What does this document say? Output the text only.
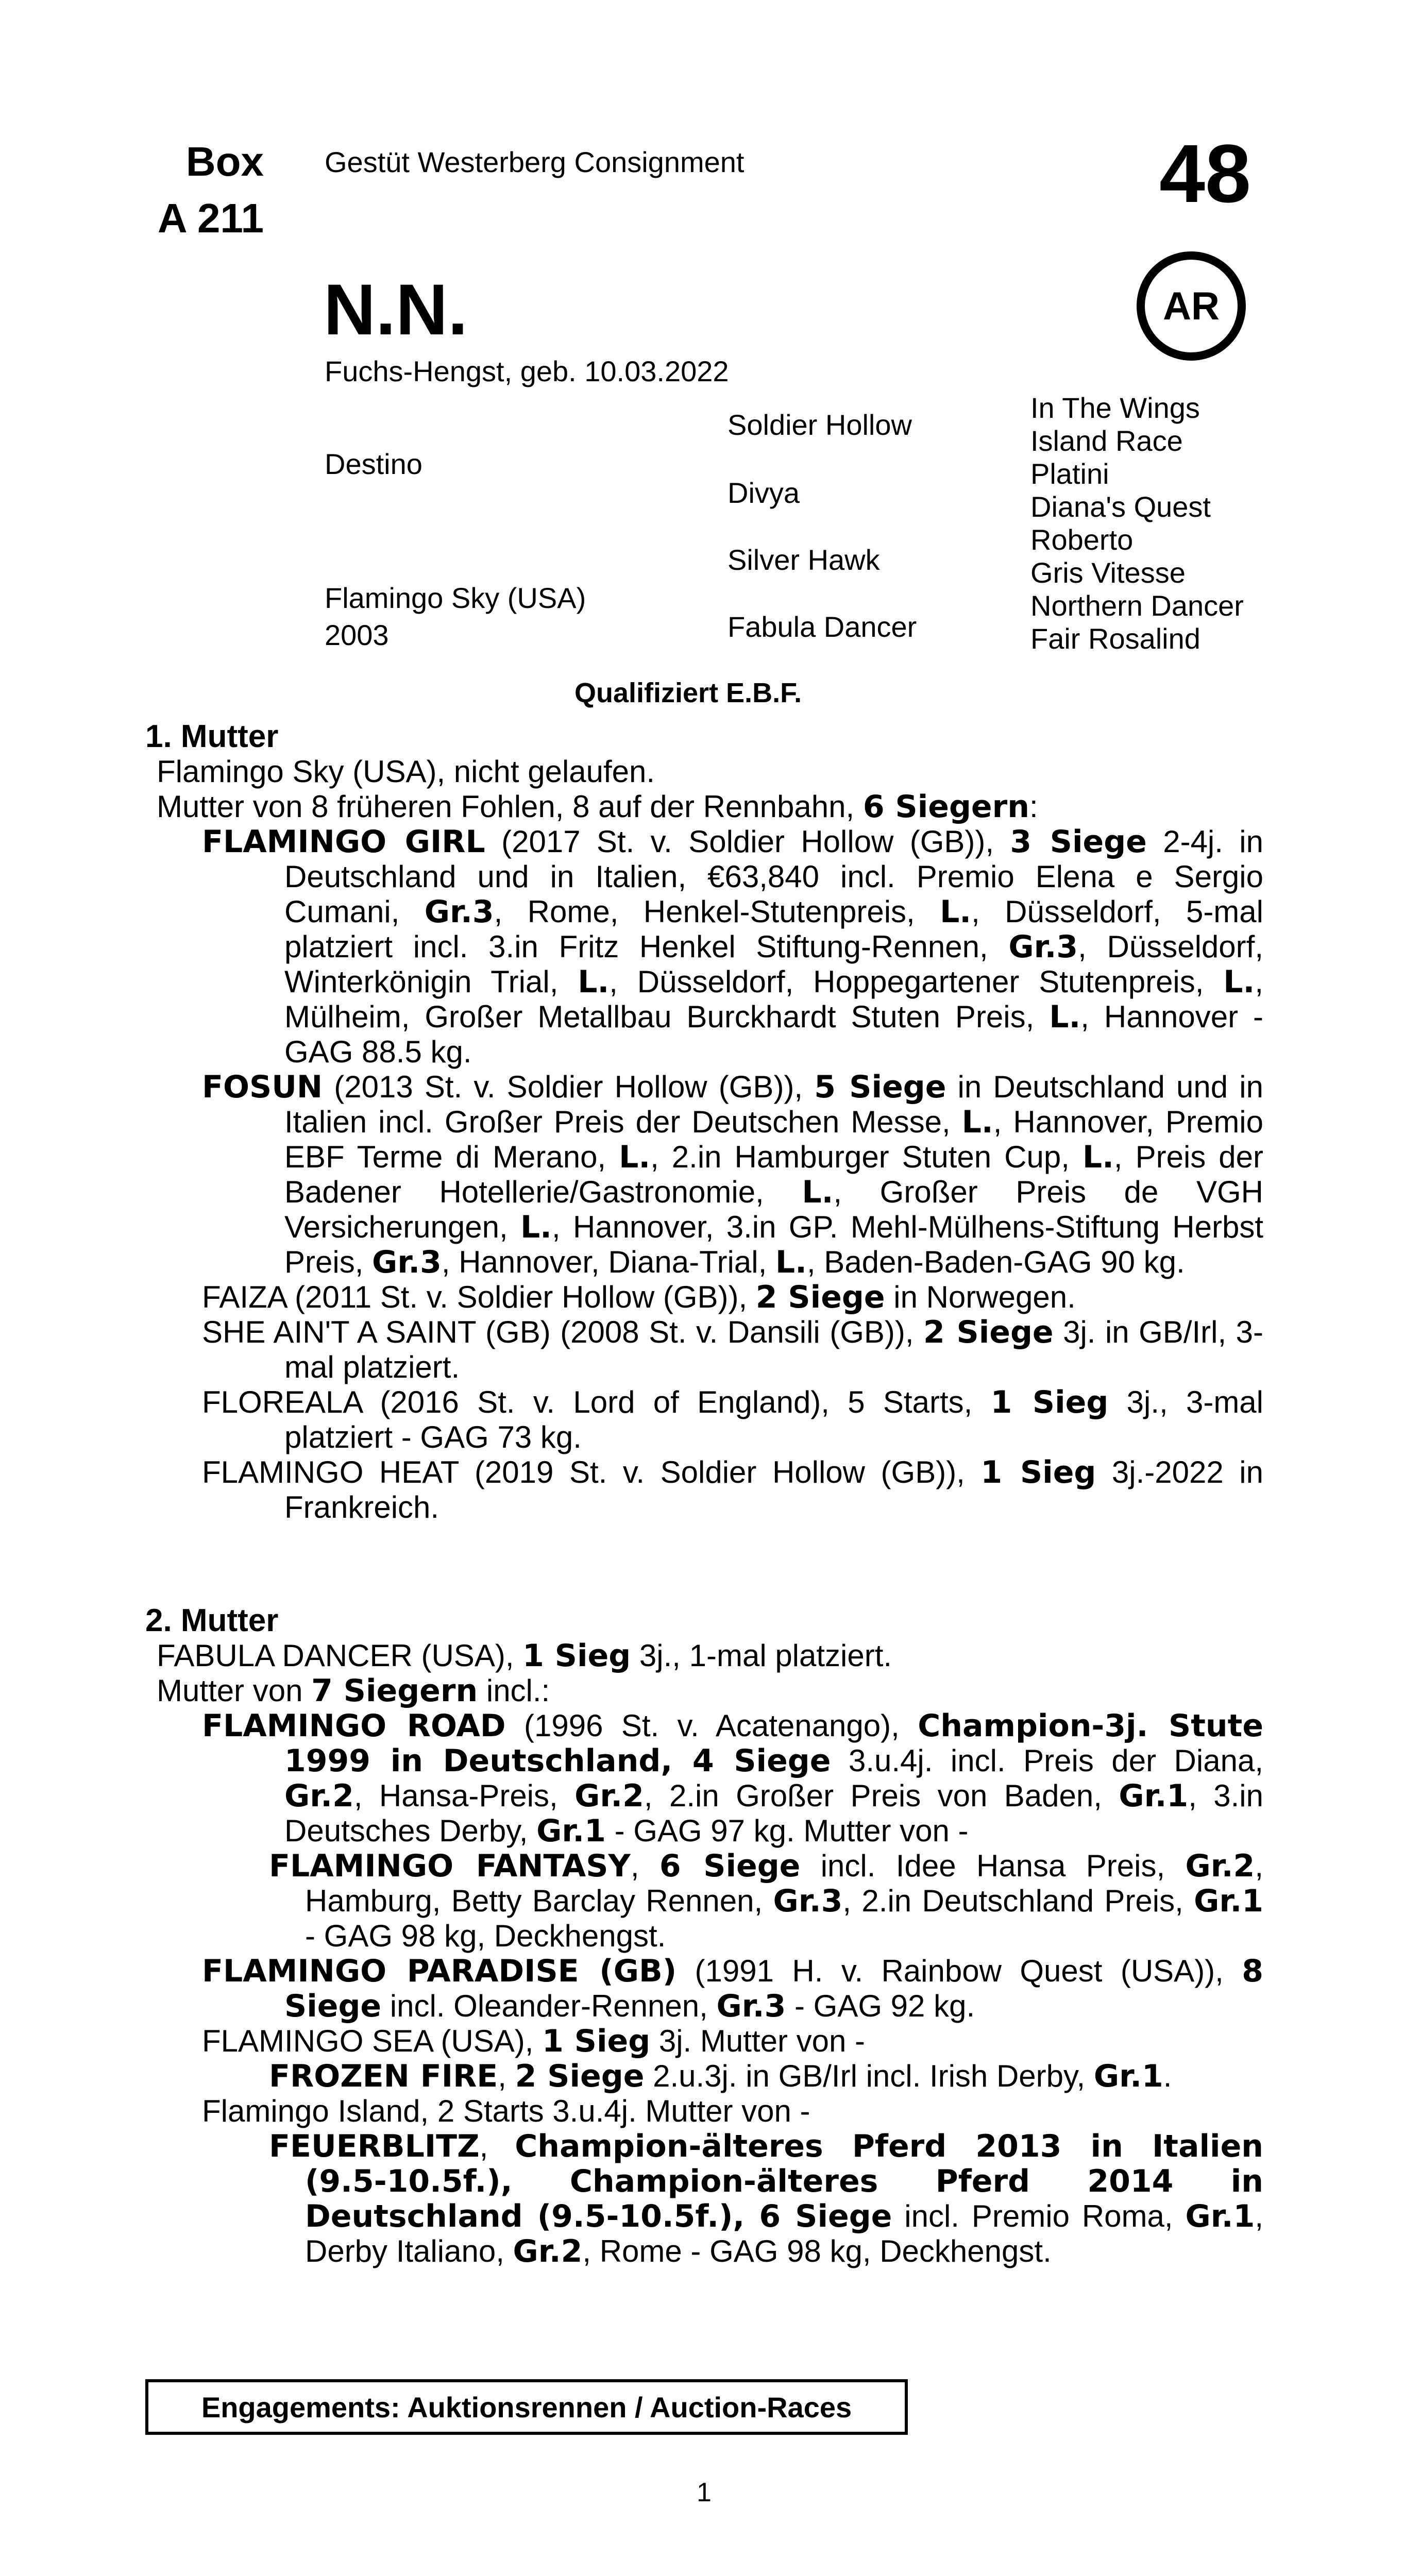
Box
A 211
Gestüt Westerberg Consignment	48
AR
N.N.
Fuchs-Hengst, geb. 10.03.2022
Destino
Flamingo Sky (USA)
2003
Soldier Hollow
Divya
Silver Hawk
Fabula Dancer
In The Wings
Island Race
Platini
Diana's Quest
Roberto
Gris Vitesse
Northern Dancer
Fair Rosalind
Qualifiziert E.B.F.
1. Mutter
Flamingo Sky (USA), nicht gelaufen.
Mutter von 8 früheren Fohlen, 8 auf der Rennbahn, 6 Siegern:
FLAMINGO GIRL (2017 St. v. Soldier Hollow (GB)), 3 Siege 2-4j. in Deutschland und in Italien, €63,840 incl. Premio Elena e Sergio Cumani, Gr.3, Rome, Henkel-Stutenpreis, L., Düsseldorf, 5-mal platziert incl. 3.in Fritz Henkel Stiftung-Rennen, Gr.3, Düsseldorf, Winterkönigin Trial, L., Düsseldorf, Hoppegartener Stutenpreis, L., Mülheim, Großer Metallbau Burckhardt Stuten Preis, L., Hannover - GAG 88.5 kg.
FOSUN (2013 St. v. Soldier Hollow (GB)), 5 Siege in Deutschland und in Italien incl. Großer Preis der Deutschen Messe, L., Hannover, Premio EBF Terme di Merano, L., 2.in Hamburger Stuten Cup, L., Preis der Badener Hotellerie/Gastronomie, L., Großer Preis de VGH Versicherungen, L., Hannover, 3.in GP. Mehl-Mülhens-Stiftung Herbst Preis, Gr.3, Hannover, Diana-Trial, L., Baden-Baden-GAG 90 kg.
FAIZA (2011 St. v. Soldier Hollow (GB)), 2 Siege in Norwegen.
SHE AIN'T A SAINT (GB) (2008 St. v. Dansili (GB)), 2 Siege 3j. in GB/Irl, 3-mal platziert.
FLOREALA (2016 St. v. Lord of England), 5 Starts, 1 Sieg 3j., 3-mal platziert - GAG 73 kg.
FLAMINGO HEAT (2019 St. v. Soldier Hollow (GB)), 1 Sieg 3j.-2022 in Frankreich.
2. Mutter
FABULA DANCER (USA), 1 Sieg 3j., 1-mal platziert.
Mutter von 7 Siegern incl.:
FLAMINGO ROAD (1996 St. v. Acatenango), Champion-3j. Stute 1999 in Deutschland, 4 Siege 3.u.4j. incl. Preis der Diana, Gr.2, Hansa-Preis, Gr.2, 2.in Großer Preis von Baden, Gr.1, 3.in Deutsches Derby, Gr.1 - GAG 97 kg. Mutter von -
FLAMINGO FANTASY, 6 Siege incl. Idee Hansa Preis, Gr.2, Hamburg, Betty Barclay Rennen, Gr.3, 2.in Deutschland Preis, Gr.1 - GAG 98 kg, Deckhengst.
FLAMINGO PARADISE (GB) (1991 H. v. Rainbow Quest (USA)), 8 Siege incl. Oleander-Rennen, Gr.3 - GAG 92 kg.
FLAMINGO SEA (USA), 1 Sieg 3j. Mutter von -
FROZEN FIRE, 2 Siege 2.u.3j. in GB/Irl incl. Irish Derby, Gr.1.
Flamingo Island, 2 Starts 3.u.4j. Mutter von -
FEUERBLITZ, Champion-älteres Pferd 2013 in Italien (9.5-10.5f.), Champion-älteres Pferd 2014 in Deutschland (9.5-10.5f.), 6 Siege incl. Premio Roma, Gr.1, Derby Italiano, Gr.2, Rome - GAG 98 kg, Deckhengst.
Engagements: Auktionsrennen / Auction-Races
1
